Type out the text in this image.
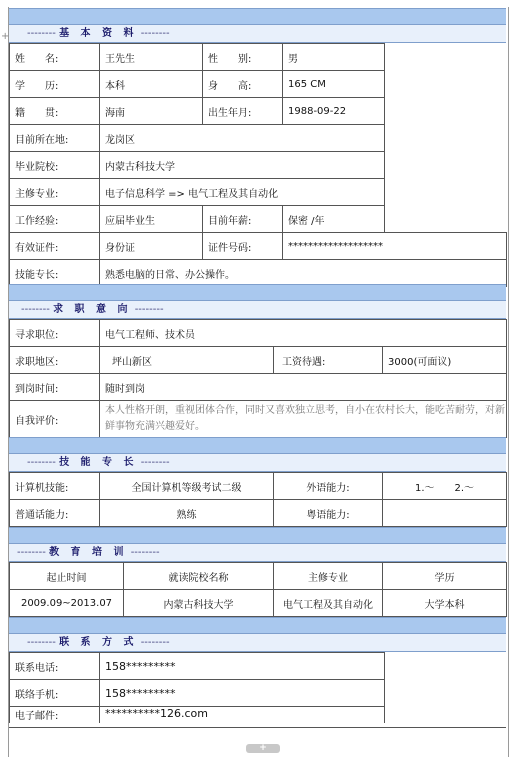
+	-------- 基 本 资 料 --------
姓　　名:	王先生	性　　别:	男
学　　历:	本科	身　　高:	165 CM
籍　　贯:	海南	出生年月:	1988-09-22
目前所在地:	龙岗区			
毕业院校:	内蒙古科技大学			
主修专业:	电子信息科学 => 电气工程及其自动化			
工作经验:	应届毕业生	目前年薪:	保密 /年	
有效证件:	身份证	证件号码:	*******************	
技能专长:	熟悉电脑的日常、办公操作。			
-------- 求 职 意 向 --------
寻求职位:	电气工程师、技术员		
求职地区:	坪山新区	工资待遇:	3000(可面议)
到岗时间:	随时到岗		
自我评价:	本人性格开朗，重视团体合作，同时又喜欢独立思考，自小在农村长大，能吃苦耐劳，对新鲜事物充满兴趣爱好。		
-------- 技 能 专 长 --------
计算机技能:	全国计算机等级考试二级	外语能力:	1.～　　2.～
普通话能力:	熟练	粤语能力:	
-------- 教 育 培 训 --------
起止时间	就读院校名称	主修专业	学历
2009.09~2013.07	内蒙古科技大学	电气工程及其自动化	大学本科
-------- 联 系 方 式 --------
联系电话:	158*********
联络手机:	158*********
电子邮件:	**********126.com
+
